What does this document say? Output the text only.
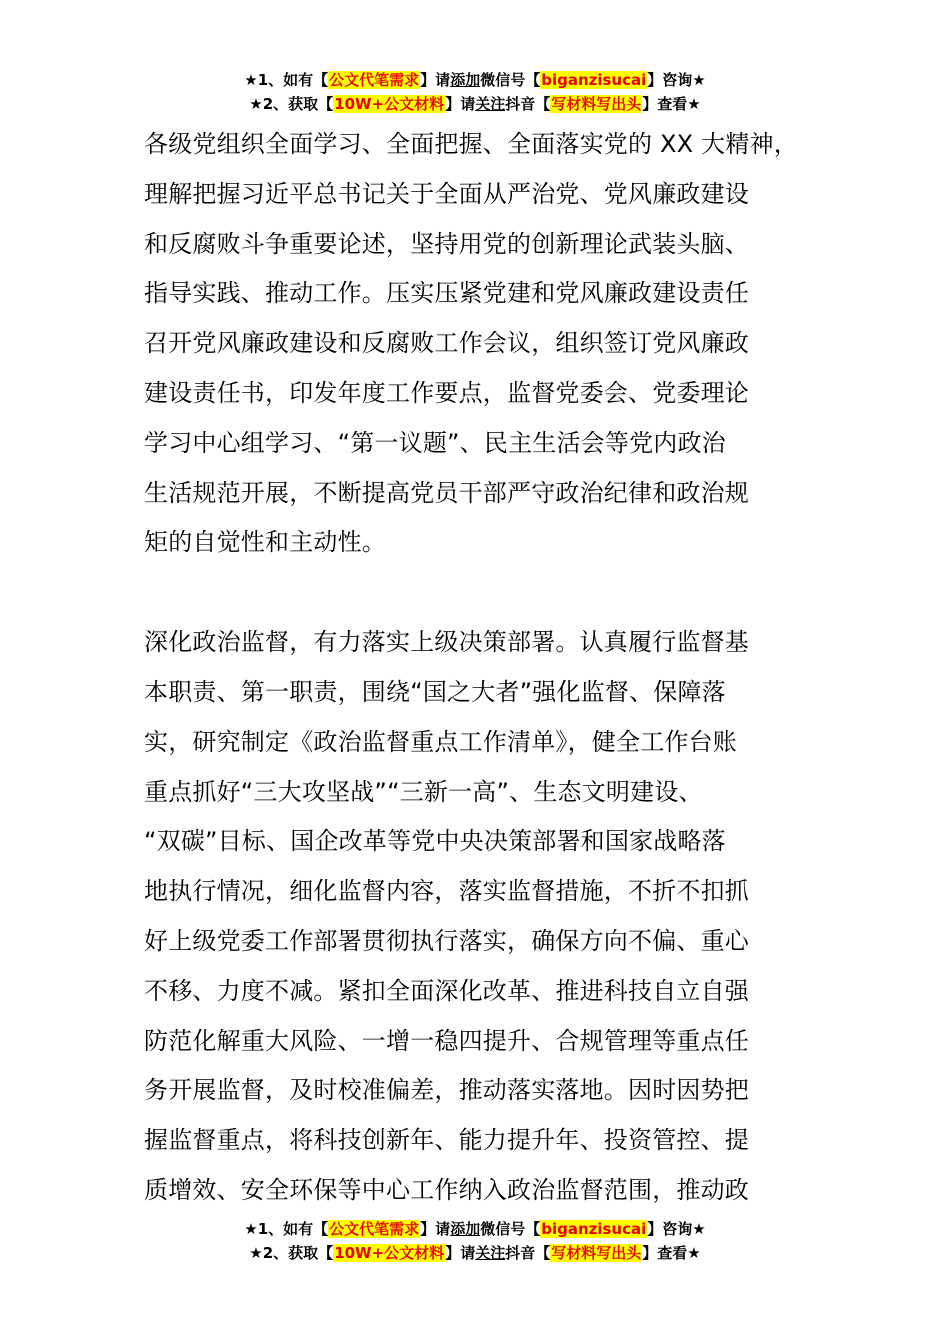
★1、如有【公文代笔需求】请添加微信号【biganzisucai】咨询★
★2、获取【10W+公文材料】请关注抖音【写材料写出头】查看★
各级党组织全面学习、全面把握、全面落实党的 XX 大精神，
理解把握习近平总书记关于全面从严治党、党风廉政建设
和反腐败斗争重要论述，坚持用党的创新理论武装头脑、
指导实践、推动工作。压实压紧党建和党风廉政建设责任
召开党风廉政建设和反腐败工作会议，组织签订党风廉政
建设责任书，印发年度工作要点，监督党委会、党委理论
学习中心组学习、“第一议题”、民主生活会等党内政治
生活规范开展，不断提高党员干部严守政治纪律和政治规
矩的自觉性和主动性。
深化政治监督，有力落实上级决策部署。认真履行监督基
本职责、第一职责，围绕“国之大者”强化监督、保障落
实，研究制定《政治监督重点工作清单》，健全工作台账
重点抓好“三大攻坚战”“三新一高”、生态文明建设、
“双碳”目标、国企改革等党中央决策部署和国家战略落
地执行情况，细化监督内容，落实监督措施，不折不扣抓
好上级党委工作部署贯彻执行落实，确保方向不偏、重心
不移、力度不减。紧扣全面深化改革、推进科技自立自强
防范化解重大风险、一增一稳四提升、合规管理等重点任
务开展监督，及时校准偏差，推动落实落地。因时因势把
握监督重点，将科技创新年、能力提升年、投资管控、提
质增效、安全环保等中心工作纳入政治监督范围，推动政
★1、如有【公文代笔需求】请添加微信号【biganzisucai】咨询★
★2、获取【10W+公文材料】请关注抖音【写材料写出头】查看★
